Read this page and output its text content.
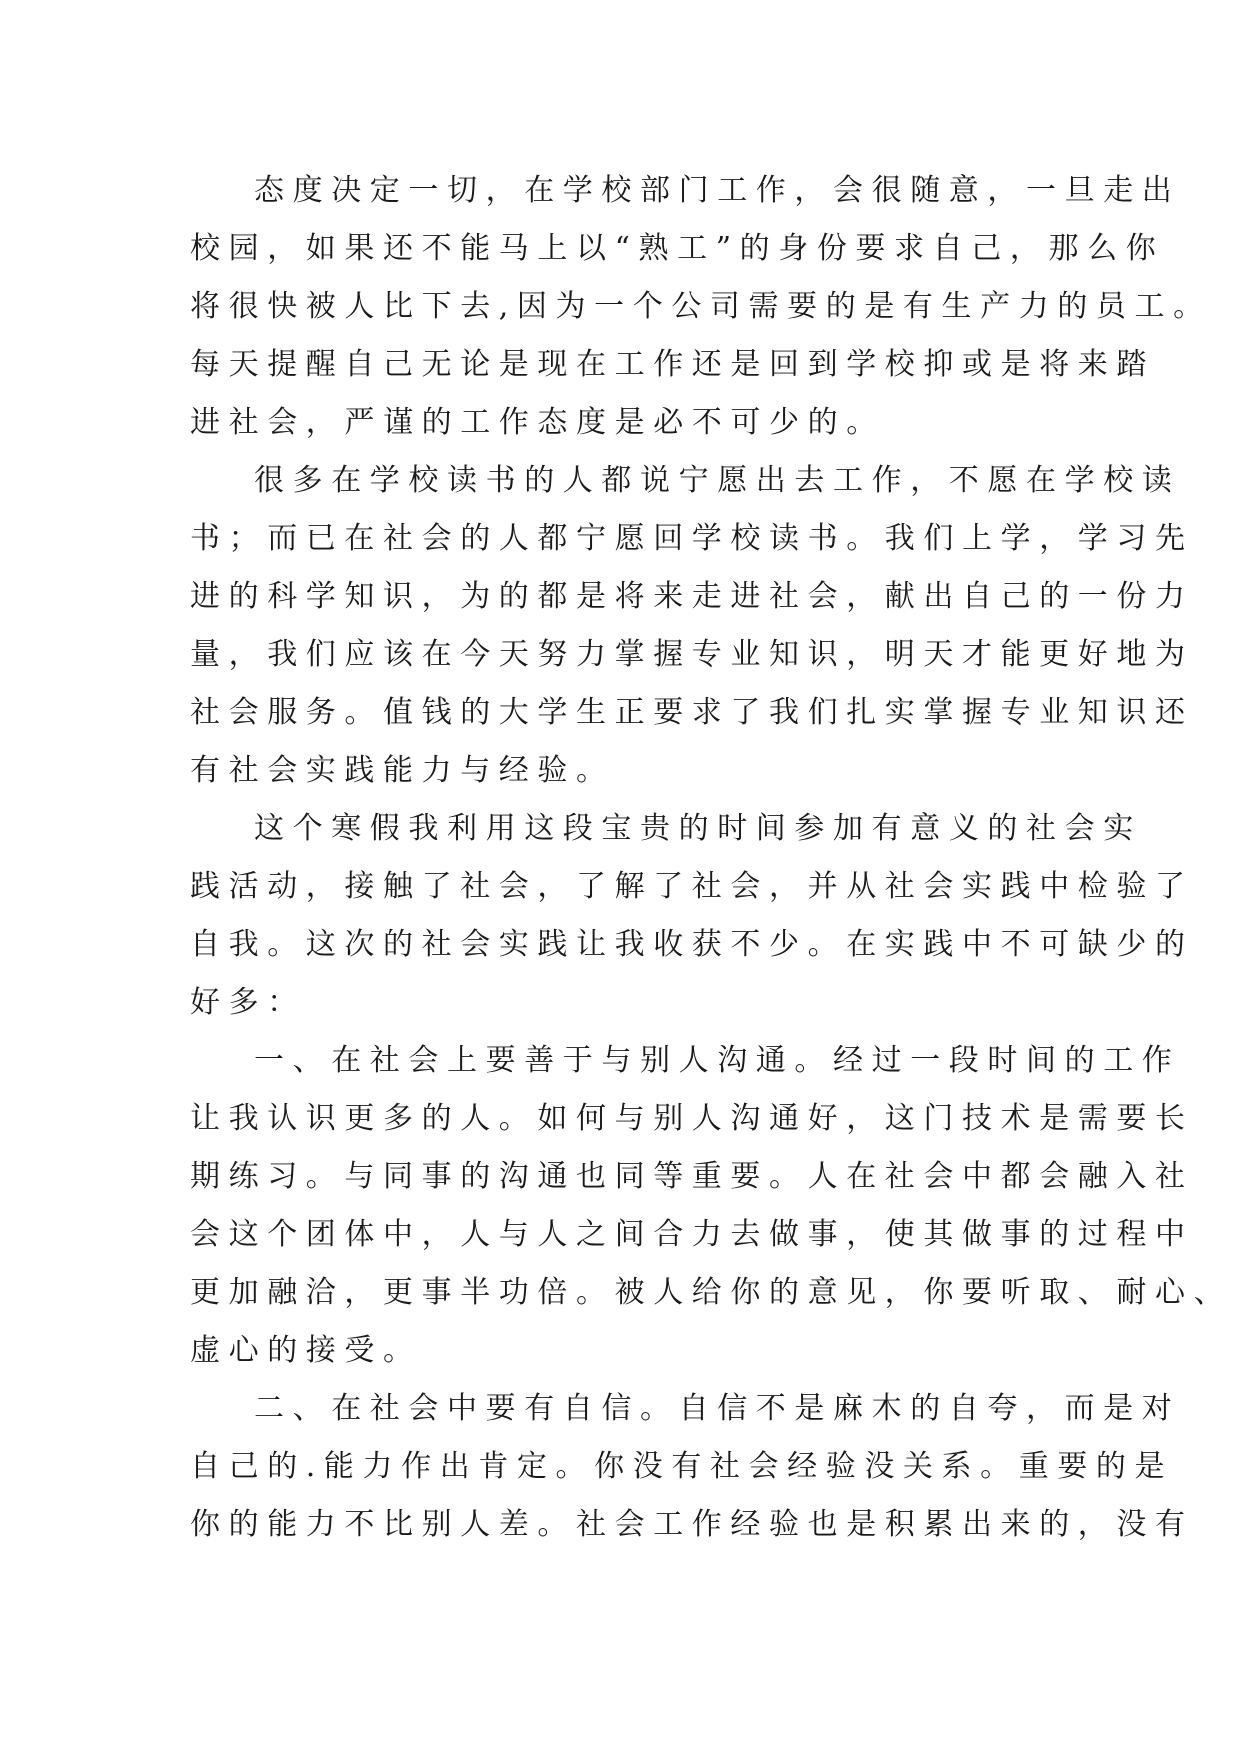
态度决定一切，在学校部门工作，会很随意，一旦走出
校园，如果还不能马上以“熟工”的身份要求自己，那么你
将很快被人比下去,因为一个公司需要的是有生产力的员工。
每天提醒自己无论是现在工作还是回到学校抑或是将来踏
进社会，严谨的工作态度是必不可少的。

很多在学校读书的人都说宁愿出去工作，不愿在学校读
书；而已在社会的人都宁愿回学校读书。我们上学，学习先
进的科学知识，为的都是将来走进社会，献出自己的一份力
量，我们应该在今天努力掌握专业知识，明天才能更好地为
社会服务。值钱的大学生正要求了我们扎实掌握专业知识还
有社会实践能力与经验。

这个寒假我利用这段宝贵的时间参加有意义的社会实
践活动，接触了社会，了解了社会，并从社会实践中检验了
自我。这次的社会实践让我收获不少。在实践中不可缺少的
好多：

一、在社会上要善于与别人沟通。经过一段时间的工作
让我认识更多的人。如何与别人沟通好，这门技术是需要长
期练习。与同事的沟通也同等重要。人在社会中都会融入社
会这个团体中，人与人之间合力去做事，使其做事的过程中
更加融洽，更事半功倍。被人给你的意见，你要听取、耐心、
虚心的接受。

二、在社会中要有自信。自信不是麻木的自夸，而是对
自己的.能力作出肯定。你没有社会经验没关系。重要的是
你的能力不比别人差。社会工作经验也是积累出来的，没有
